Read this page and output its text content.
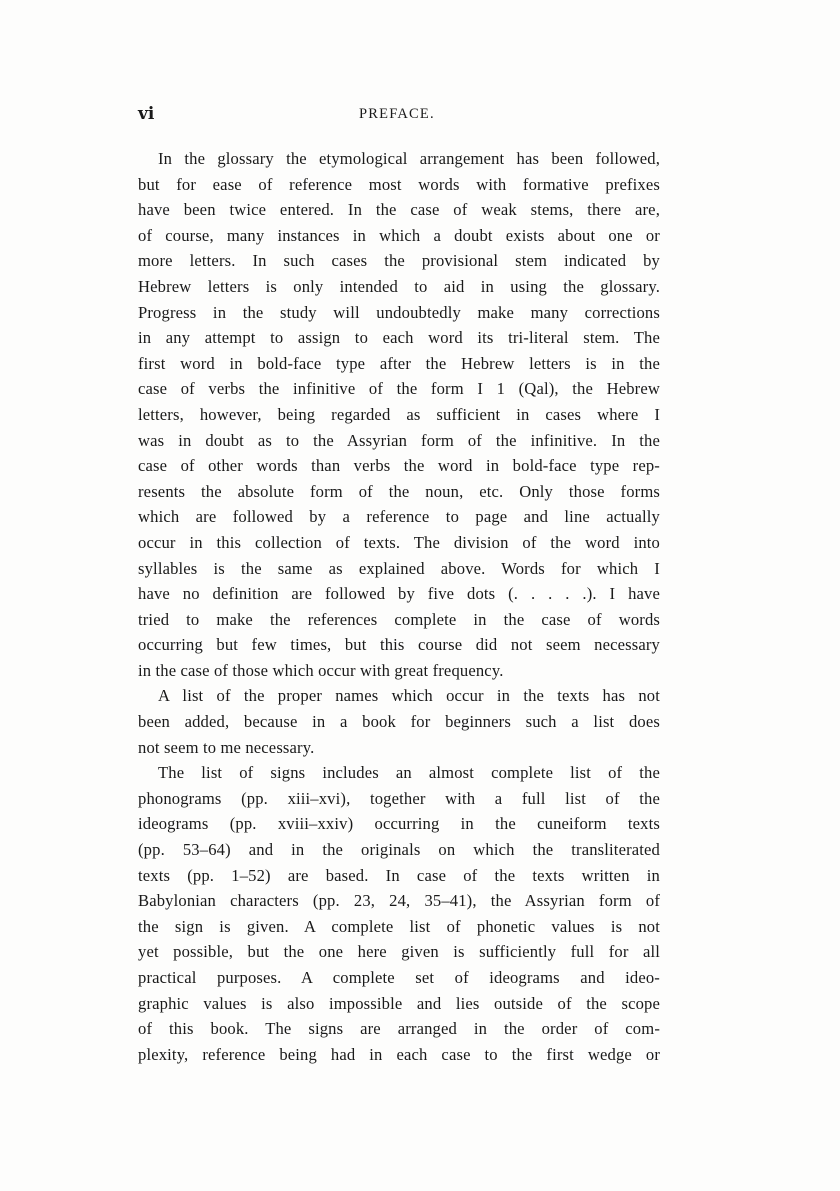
vi	PREFACE.
In the glossary the etymological arrangement has been followed,
but for ease of reference most words with formative prefixes
have been twice entered. In the case of weak stems, there are,
of course, many instances in which a doubt exists about one or
more letters. In such cases the provisional stem indicated by
Hebrew letters is only intended to aid in using the glossary.
Progress in the study will undoubtedly make many corrections
in any attempt to assign to each word its tri-literal stem. The
first word in bold-face type after the Hebrew letters is in the
case of verbs the infinitive of the form I 1 (Qal), the Hebrew
letters, however, being regarded as sufficient in cases where I
was in doubt as to the Assyrian form of the infinitive. In the
case of other words than verbs the word in bold-face type rep-
resents the absolute form of the noun, etc. Only those forms
which are followed by a reference to page and line actually
occur in this collection of texts. The division of the word into
syllables is the same as explained above. Words for which I
have no definition are followed by five dots (. . . . .). I have
tried to make the references complete in the case of words
occurring but few times, but this course did not seem necessary
in the case of those which occur with great frequency.
A list of the proper names which occur in the texts has not
been added, because in a book for beginners such a list does
not seem to me necessary.
The list of signs includes an almost complete list of the
phonograms (pp. xiii–xvi), together with a full list of the
ideograms (pp. xviii–xxiv) occurring in the cuneiform texts
(pp. 53–64) and in the originals on which the transliterated
texts (pp. 1–52) are based. In case of the texts written in
Babylonian characters (pp. 23, 24, 35–41), the Assyrian form of
the sign is given. A complete list of phonetic values is not
yet possible, but the one here given is sufficiently full for all
practical purposes. A complete set of ideograms and ideo-
graphic values is also impossible and lies outside of the scope
of this book. The signs are arranged in the order of com-
plexity, reference being had in each case to the first wedge or
